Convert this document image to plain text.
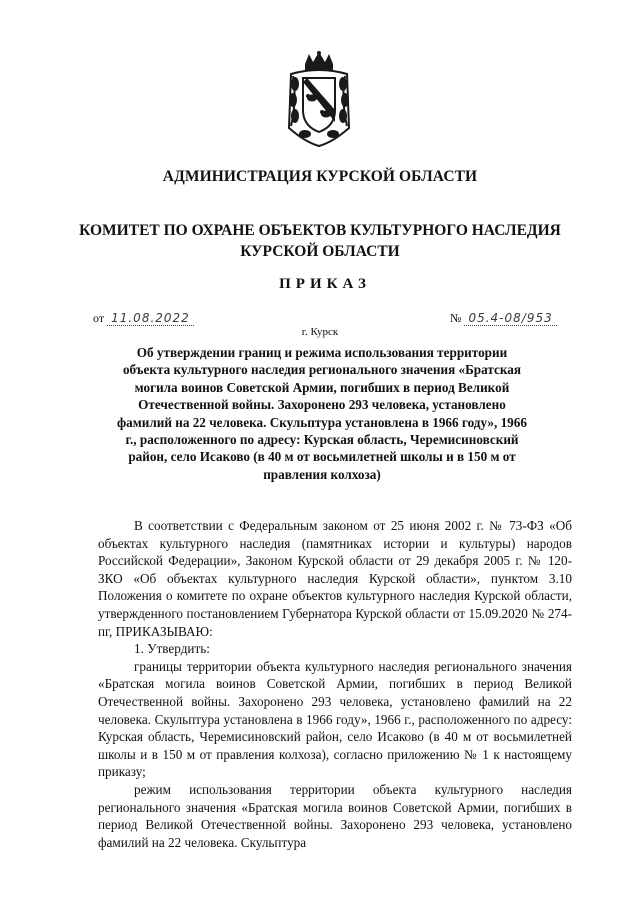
АДМИНИСТРАЦИЯ КУРСКОЙ ОБЛАСТИ
КОМИТЕТ ПО ОХРАНЕ ОБЪЕКТОВ КУЛЬТУРНОГО НАСЛЕДИЯ КУРСКОЙ ОБЛАСТИ
ПРИКАЗ
от 11.08.2022	№ 05.4-08/953
г. Курск
Об утверждении границ и режима использования территории объекта культурного наследия регионального значения «Братская могила воинов Советской Армии, погибших в период Великой Отечественной войны. Захоронено 293 человека, установлено фамилий на 22 человека. Скульптура установлена в 1966 году», 1966 г., расположенного по адресу: Курская область, Черемисиновский район, село Исаково (в 40 м от восьмилетней школы и в 150 м от правления колхоза)

В соответствии с Федеральным законом от 25 июня 2002 г. № 73-ФЗ «Об объектах культурного наследия (памятниках истории и культуры) народов Российской Федерации», Законом Курской области от 29 декабря 2005 г. № 120-ЗКО «Об объектах культурного наследия Курской области», пунктом 3.10 Положения о комитете по охране объектов культурного наследия Курской области, утвержденного постановлением Губернатора Курской области от 15.09.2020 № 274-пг, ПРИКАЗЫВАЮ:

1. Утвердить:

границы территории объекта культурного наследия регионального значения «Братская могила воинов Советской Армии, погибших в период Великой Отечественной войны. Захоронено 293 человека, установлено фамилий на 22 человека. Скульптура установлена в 1966 году», 1966 г., расположенного по адресу: Курская область, Черемисиновский район, село Исаково (в 40 м от восьмилетней школы и в 150 м от правления колхоза), согласно приложению № 1 к настоящему приказу;

режим использования территории объекта культурного наследия регионального значения «Братская могила воинов Советской Армии, погибших в период Великой Отечественной войны. Захоронено 293 человека, установлено фамилий на 22 человека. Скульптура
